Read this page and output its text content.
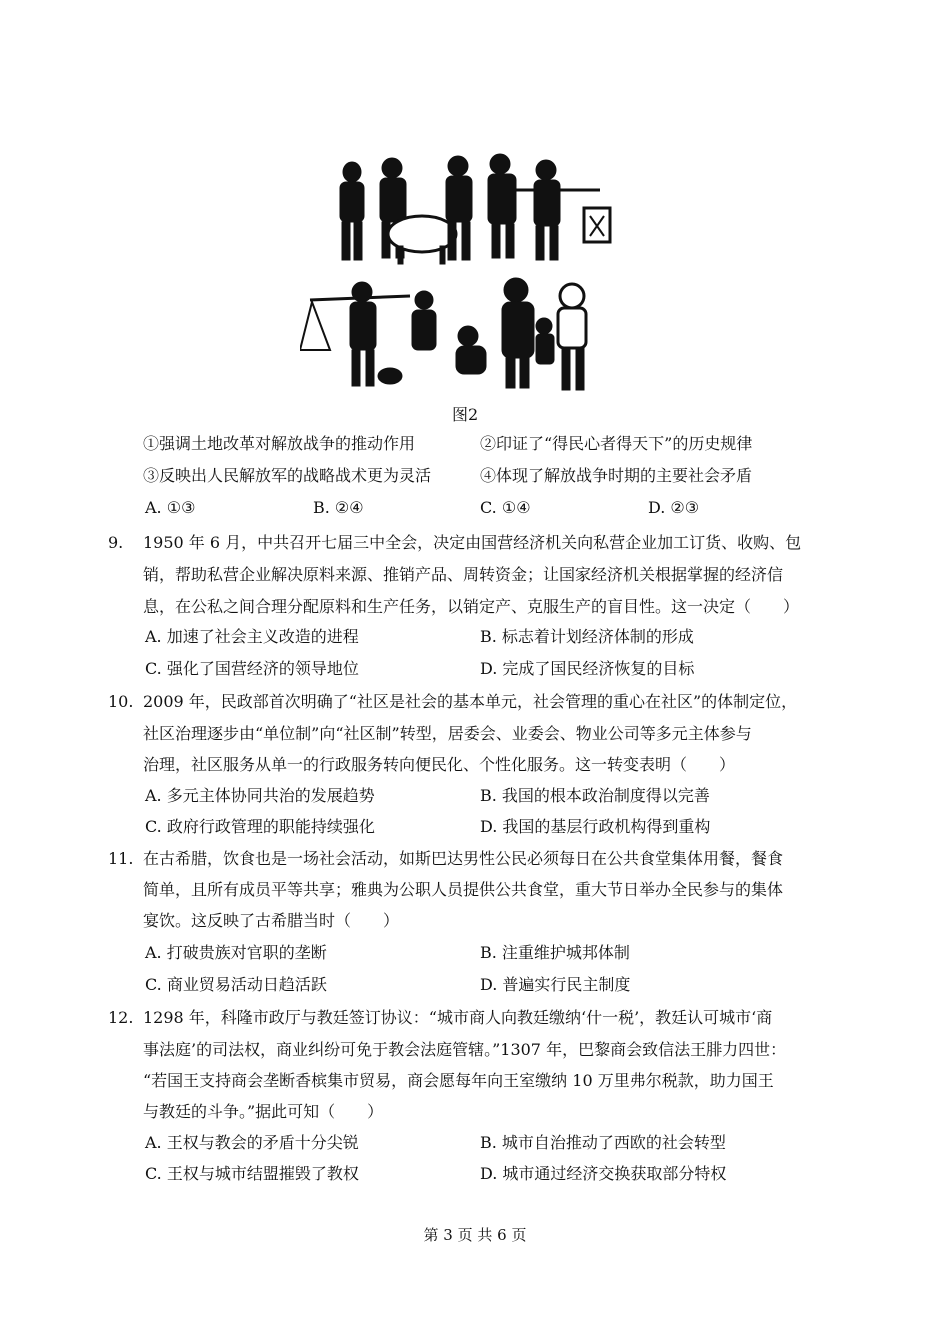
图2
①强调土地改革对解放战争的推动作用	②印证了“得民心者得天下”的历史规律
③反映出人民解放军的战略战术更为灵活	④体现了解放战争时期的主要社会矛盾
A. ①③	B. ②④	C. ①④	D. ②③
9. 1950 年 6 月，中共召开七届三中全会，决定由国营经济机关向私营企业加工订货、收购、包
销，帮助私营企业解决原料来源、推销产品、周转资金；让国家经济机关根据掌握的经济信
息，在公私之间合理分配原料和生产任务，以销定产、克服生产的盲目性。这一决定（　　）
A. 加速了社会主义改造的进程	B. 标志着计划经济体制的形成
C. 强化了国营经济的领导地位	D. 完成了国民经济恢复的目标
10. 2009 年，民政部首次明确了“社区是社会的基本单元，社会管理的重心在社区”的体制定位，
社区治理逐步由“单位制”向“社区制”转型，居委会、业委会、物业公司等多元主体参与
治理，社区服务从单一的行政服务转向便民化、个性化服务。这一转变表明（　　）
A. 多元主体协同共治的发展趋势	B. 我国的根本政治制度得以完善
C. 政府行政管理的职能持续强化	D. 我国的基层行政机构得到重构
11. 在古希腊，饮食也是一场社会活动，如斯巴达男性公民必须每日在公共食堂集体用餐，餐食
简单，且所有成员平等共享；雅典为公职人员提供公共食堂，重大节日举办全民参与的集体
宴饮。这反映了古希腊当时（　　）
A. 打破贵族对官职的垄断	B. 注重维护城邦体制
C. 商业贸易活动日趋活跃	D. 普遍实行民主制度
12. 1298 年，科隆市政厅与教廷签订协议：“城市商人向教廷缴纳‘什一税’，教廷认可城市‘商
事法庭’的司法权，商业纠纷可免于教会法庭管辖。”1307 年，巴黎商会致信法王腓力四世：
“若国王支持商会垄断香槟集市贸易，商会愿每年向王室缴纳 10 万里弗尔税款，助力国王
与教廷的斗争。”据此可知（　　）
A. 王权与教会的矛盾十分尖锐	B. 城市自治推动了西欧的社会转型
C. 王权与城市结盟摧毁了教权	D. 城市通过经济交换获取部分特权
第 3 页 共 6 页
